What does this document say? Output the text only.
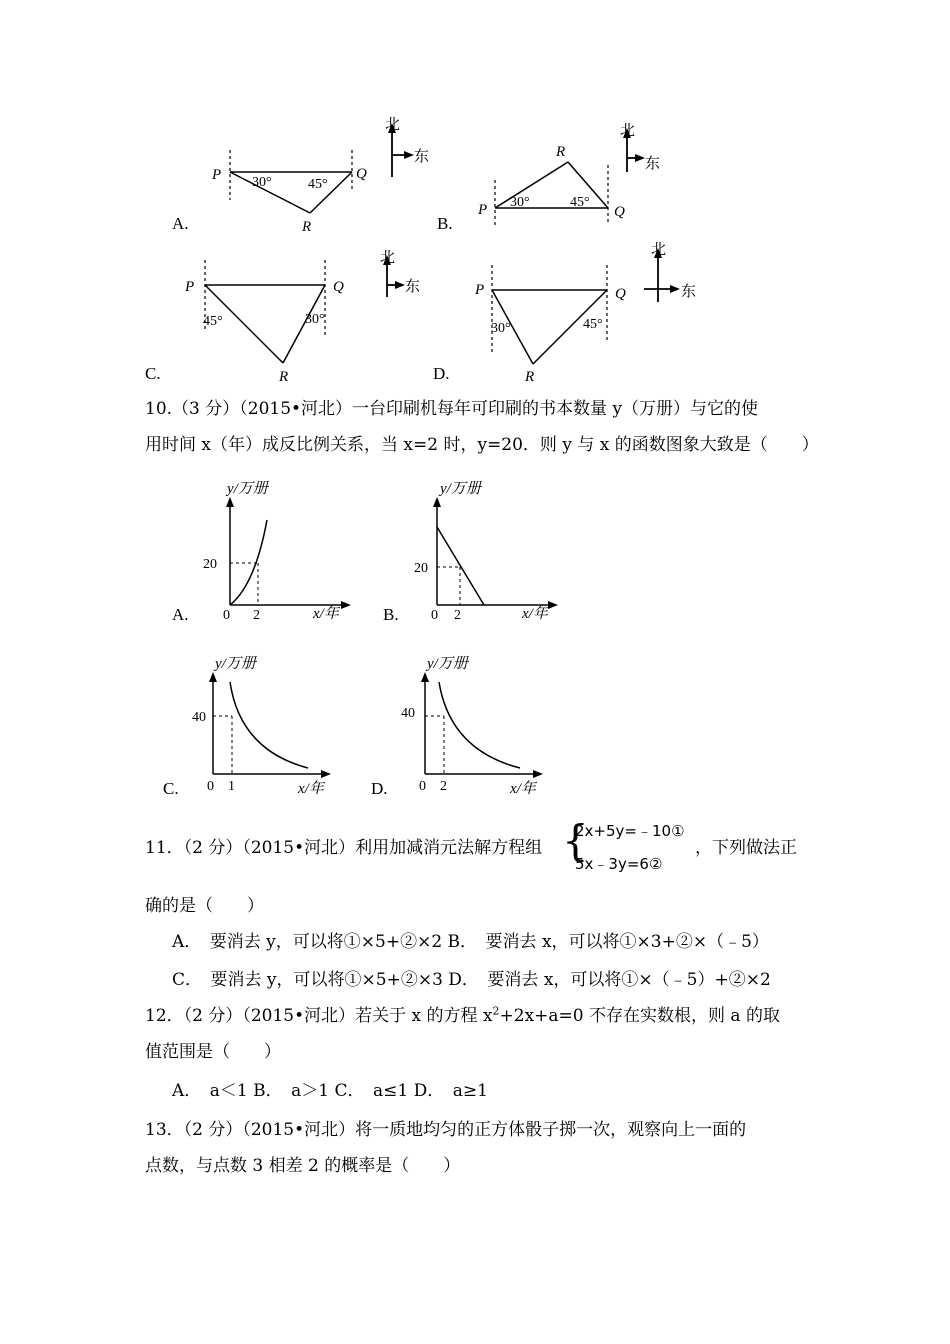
P	Q
R
30°	45°
A.
北
东
P	Q
R
30°	45°
B.
北
东
P	Q
R
45°	30°
C.
北
东	P	Q
R
30°	45°
D.
北
东
10.（3 分）（2015•河北）一台印刷机每年可印刷的书本数量 y（万册）与它的使
用时间 x（年）成反比例关系，当 x=2 时，y=20．则 y 与 x 的函数图象大致是（　　）
y/万册
x/年
0
20
2
A.
y/万册
x/年
0
20
2
B.
y/万册
x/年
0
40
1
C.
y/万册
x/年
0
40
2
D.
11．（2 分）（2015•河北）利用加减消元法解方程组 {
2x+5y=﹣10①
5x﹣3y=6②
，下列做法正
确的是（　　）
A．　要消去 y，可以将①×5+②×2 B．　要消去 x，可以将①×3+②×（﹣5）
C．　要消去 y，可以将①×5+②×3 D．　要消去 x，可以将①×（﹣5）+②×2
12．（2 分）（2015•河北）若关于 x 的方程 $x^2+2x+a=0$ 不存在实数根，则 a 的取
值范围是（　　）
A．　a＜1 B．　a＞1 C．　a≤1 D．　a≥1
13．（2 分）（2015•河北）将一质地均匀的正方体骰子掷一次，观察向上一面的
点数，与点数 3 相差 2 的概率是（　　）
